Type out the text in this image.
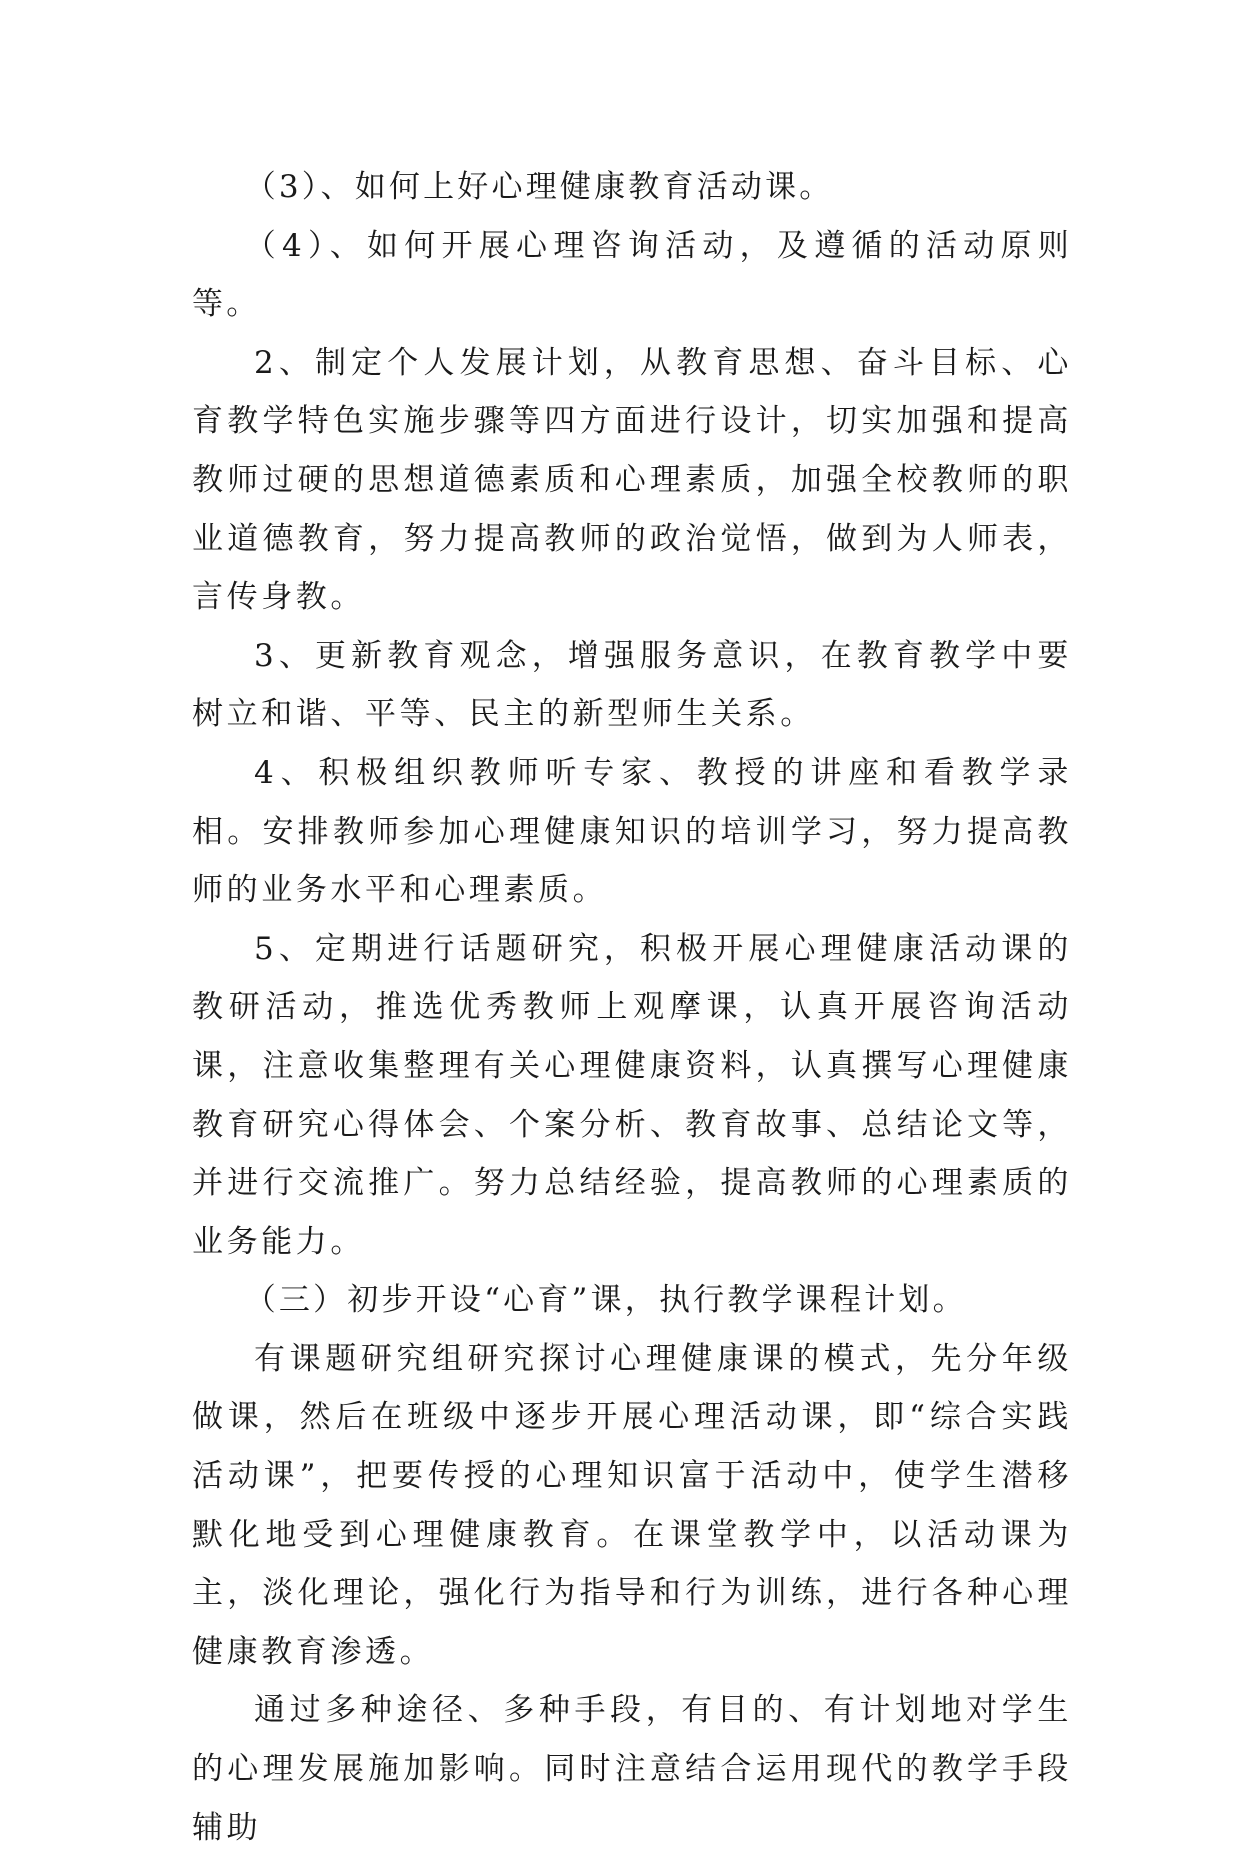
（3）、如何上好心理健康教育活动课。

（4）、如何开展心理咨询活动，及遵循的活动原则等。

2、制定个人发展计划，从教育思想、奋斗目标、心育教学特色实施步骤等四方面进行设计，切实加强和提高教师过硬的思想道德素质和心理素质，加强全校教师的职业道德教育，努力提高教师的政治觉悟，做到为人师表，言传身教。

3、更新教育观念，增强服务意识，在教育教学中要树立和谐、平等、民主的新型师生关系。

4、积极组织教师听专家、教授的讲座和看教学录相。安排教师参加心理健康知识的培训学习，努力提高教师的业务水平和心理素质。

5、定期进行话题研究，积极开展心理健康活动课的教研活动，推选优秀教师上观摩课，认真开展咨询活动课，注意收集整理有关心理健康资料，认真撰写心理健康教育研究心得体会、个案分析、教育故事、总结论文等，并进行交流推广。努力总结经验，提高教师的心理素质的业务能力。

（三）初步开设“心育”课，执行教学课程计划。

有课题研究组研究探讨心理健康课的模式，先分年级做课，然后在班级中逐步开展心理活动课，即“综合实践活动课”，把要传授的心理知识富于活动中，使学生潜移默化地受到心理健康教育。在课堂教学中，以活动课为主，淡化理论，强化行为指导和行为训练，进行各种心理健康教育渗透。

通过多种途径、多种手段，有目的、有计划地对学生的心理发展施加影响。同时注意结合运用现代的教学手段辅助
